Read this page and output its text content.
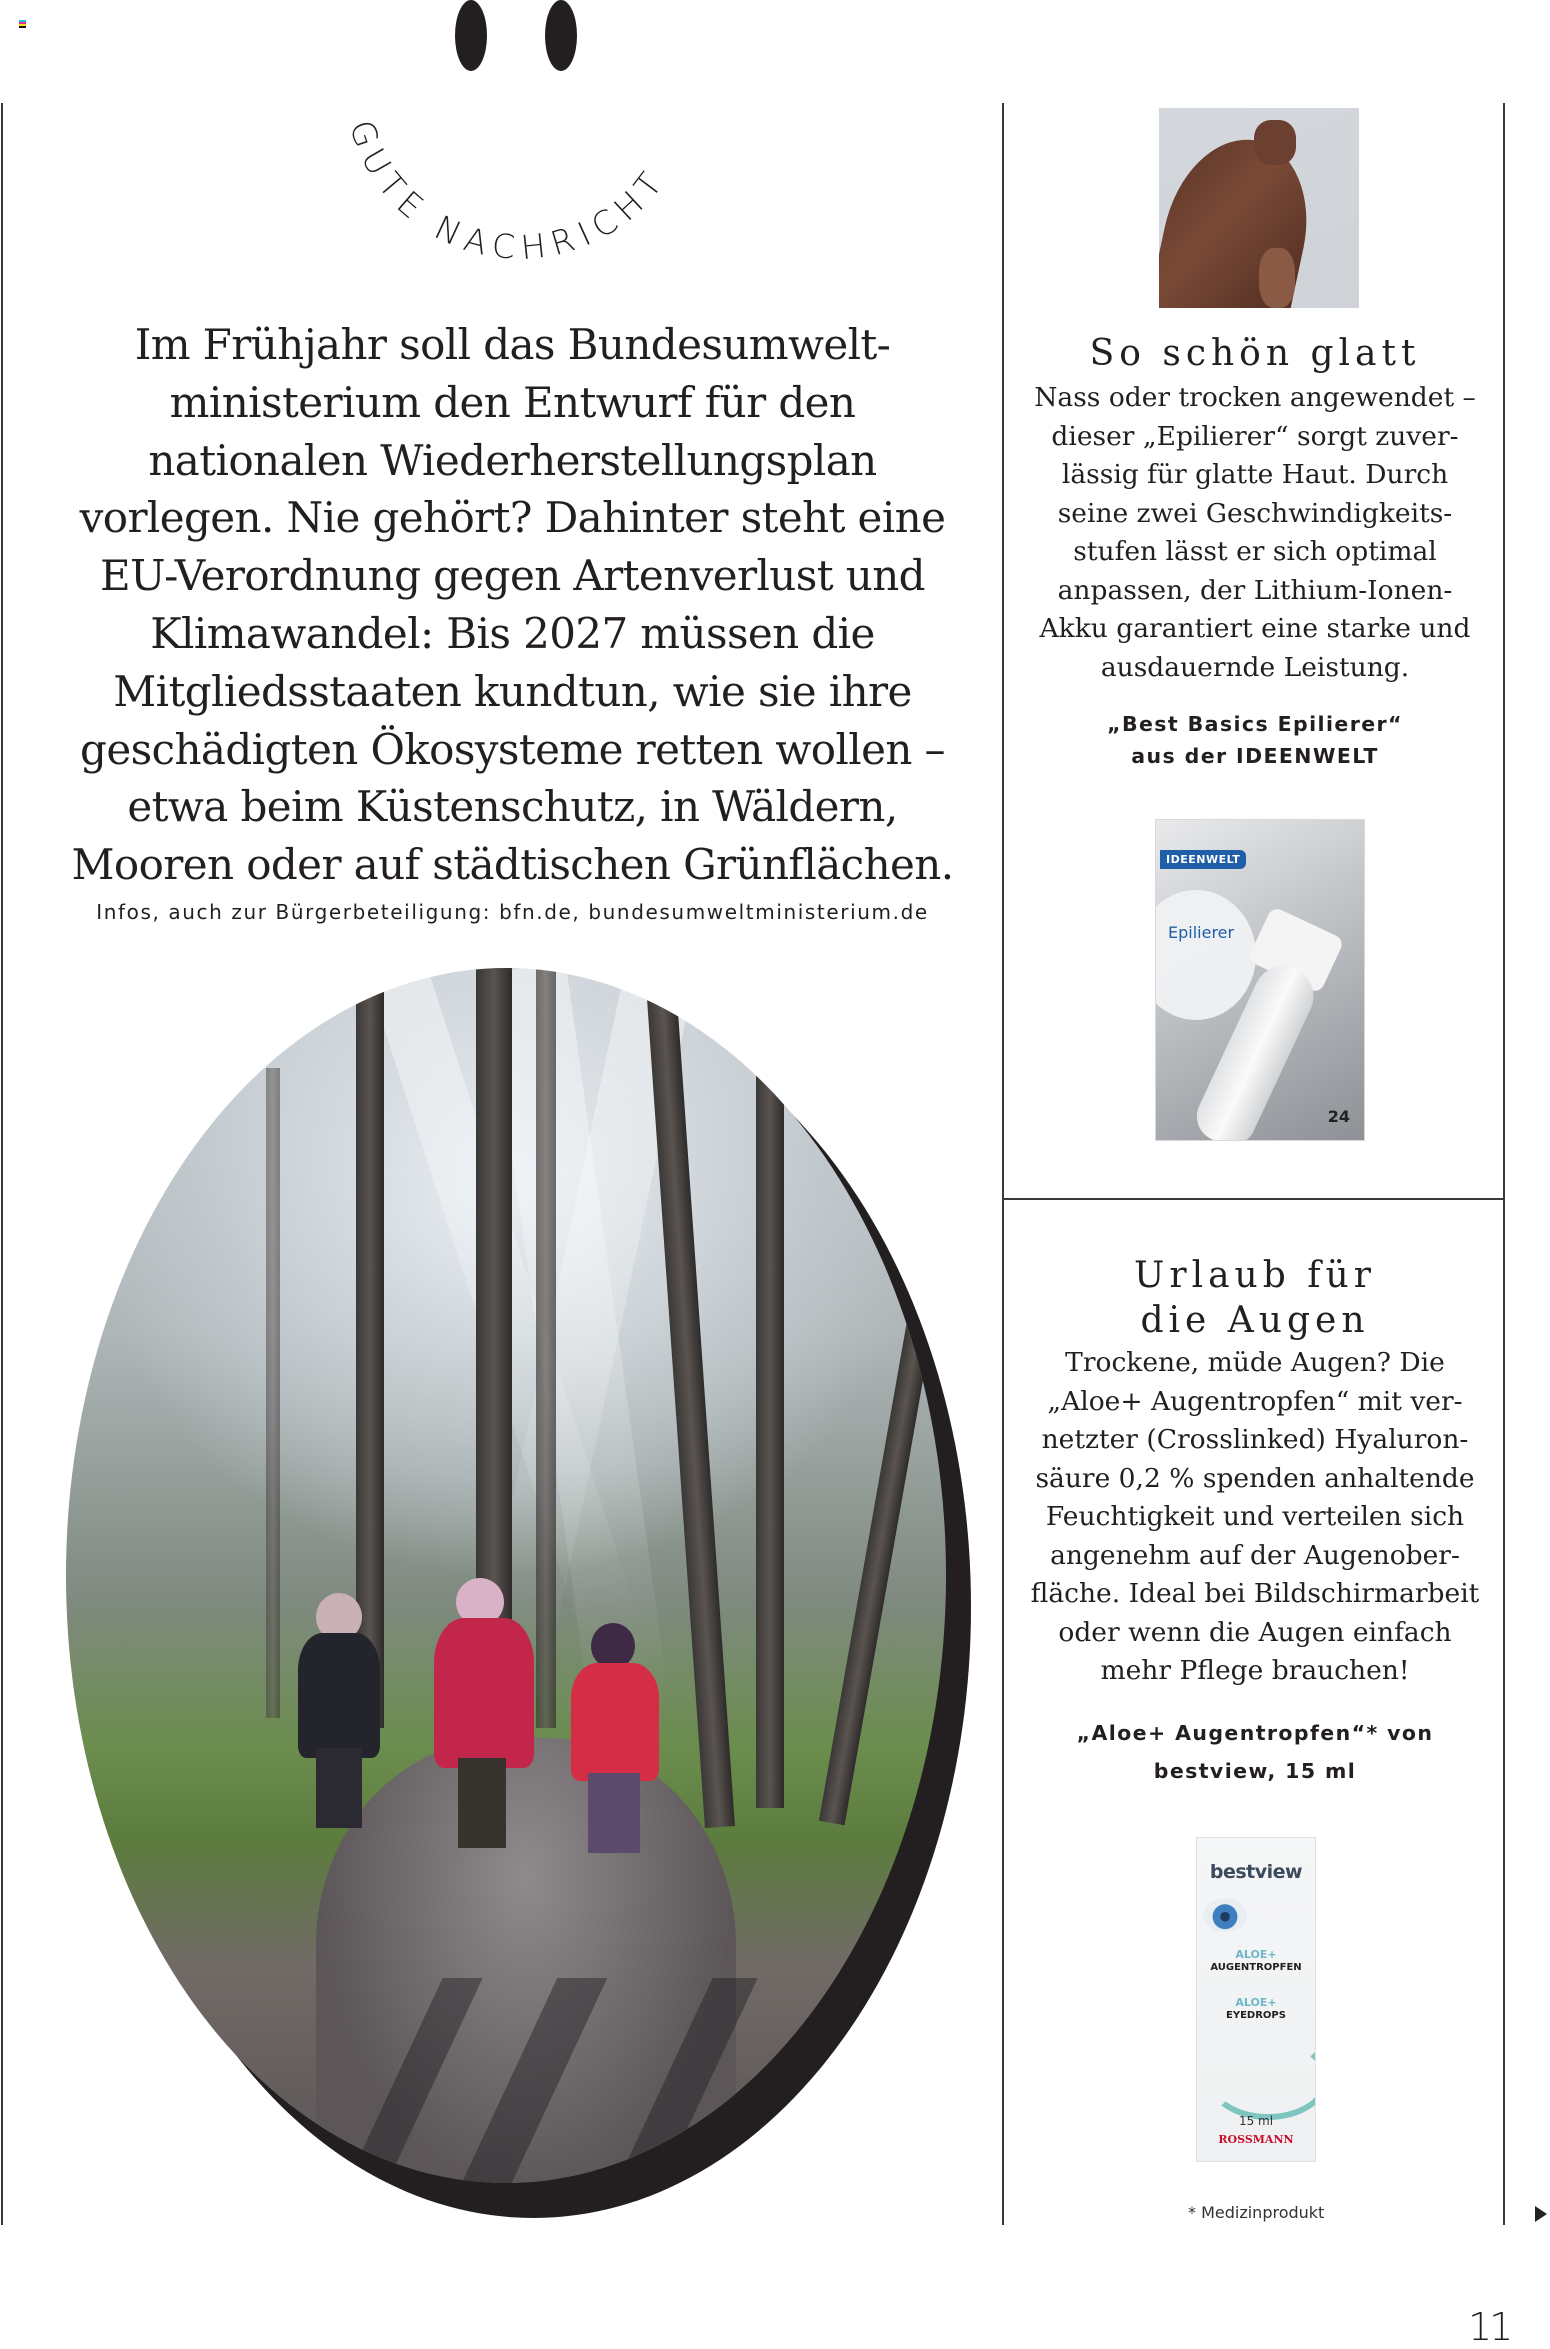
GUTE NACHRICHT
Im Frühjahr soll das Bundesumwelt-
ministerium den Entwurf für den
nationalen Wiederherstellungsplan
vorlegen. Nie gehört? Dahinter steht eine
EU-Verordnung gegen Artenverlust und
Klimawandel: Bis 2027 müssen die
Mitgliedsstaaten kundtun, wie sie ihre
geschädigten Ökosysteme retten wollen –
etwa beim Küstenschutz, in Wäldern,
Mooren oder auf städtischen Grünflächen.
Infos, auch zur Bürgerbeteiligung: bfn.de, bundesumweltministerium.de
So schön glatt
Nass oder trocken angewendet –
dieser „Epilierer“ sorgt zuver-
lässig für glatte Haut. Durch
seine zwei Geschwindigkeits-
stufen lässt er sich optimal
anpassen, der Lithium-Ionen-
Akku garantiert eine starke und
ausdauernde Leistung.
„Best Basics Epilierer“
aus der IDEENWELT
IDEENWELT
Epilierer
24
Urlaub für
die Augen
Trockene, müde Augen? Die
„Aloe+ Augentropfen“ mit ver-
netzter (Crosslinked) Hyaluron-
säure 0,2 % spenden anhaltende
Feuchtigkeit und verteilen sich
angenehm auf der Augenober-
fläche. Ideal bei Bildschirmarbeit
oder wenn die Augen einfach
mehr Pflege brauchen!
„Aloe+ Augentropfen“* von
bestview, 15 ml
bestview
ALOE+
AUGENTROPFEN
ALOE+
EYEDROPS
15 ml
ROSSMANN
* Medizinprodukt
11
